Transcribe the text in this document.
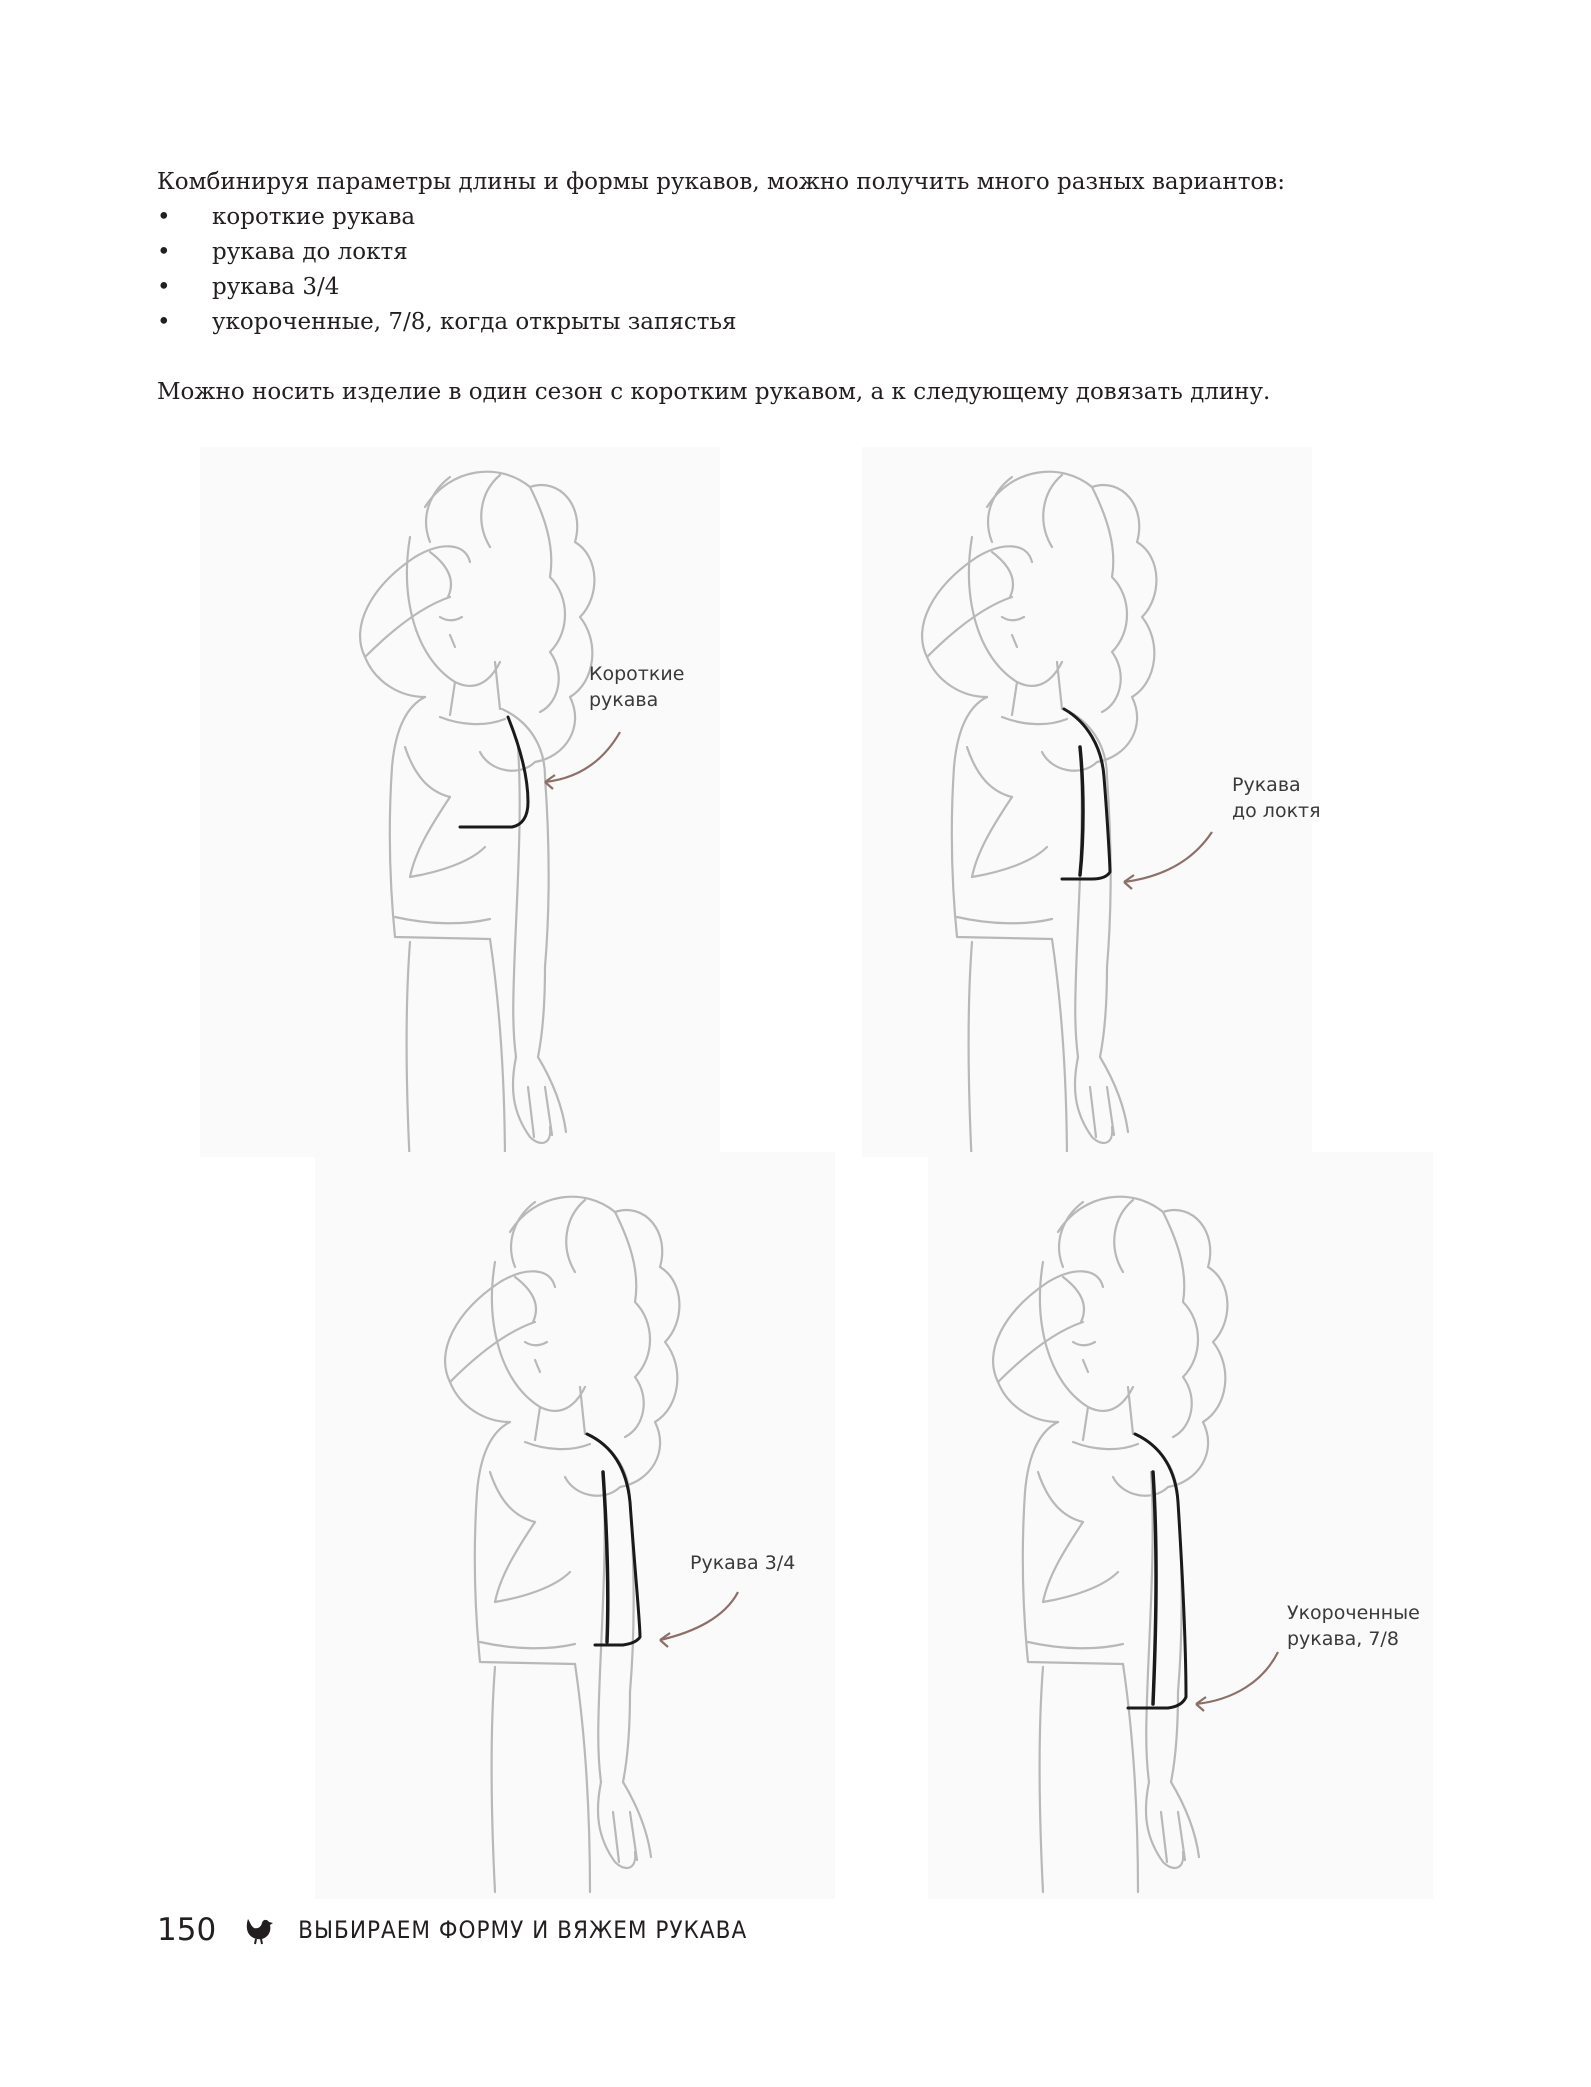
Комбинируя параметры длины и формы рукавов, можно получить много разных вариантов:

• короткие рукава
• рукава до локтя
• рукава 3/4
• укороченные, 7/8, когда открыты запястья

Можно носить изделие в один сезон с коротким рукавом, а к следующему довязать длину.

Короткие
рукава
Рукава
до локтя
Рукава 3/4
Укороченные
рукава, 7/8
150	ВЫБИРАЕМ ФОРМУ И ВЯЖЕМ РУКАВА
